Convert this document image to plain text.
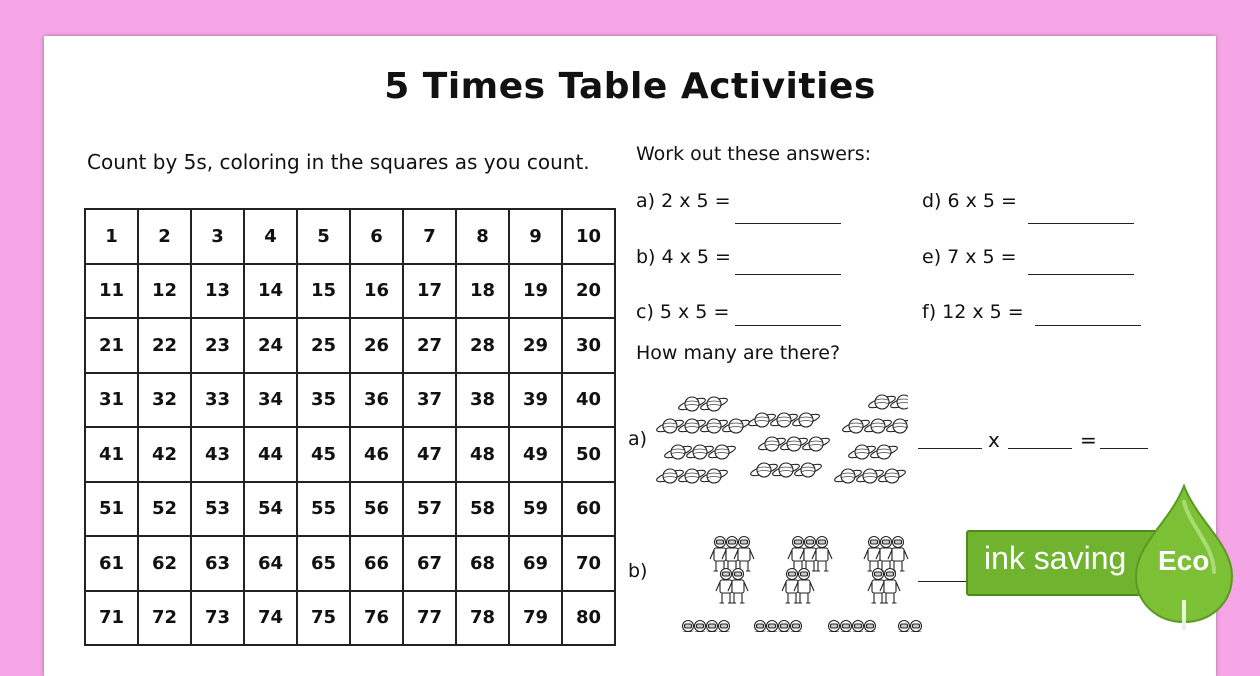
5 Times Table Activities
Count by 5s, coloring in the squares as you count.
1	2	3	4	5	6	7	8	9	10
11	12	13	14	15	16	17	18	19	20
21	22	23	24	25	26	27	28	29	30
31	32	33	34	35	36	37	38	39	40
41	42	43	44	45	46	47	48	49	50
51	52	53	54	55	56	57	58	59	60
61	62	63	64	65	66	67	68	69	70
71	72	73	74	75	76	77	78	79	80
Work out these answers:
a) 2 x 5 =
b) 4 x 5 =
c) 5 x 5 =
d) 6 x 5 =
e) 7 x 5 =
f) 12 x 5 =
How many are there?
a)	x	=
b)	ink saving Eco
